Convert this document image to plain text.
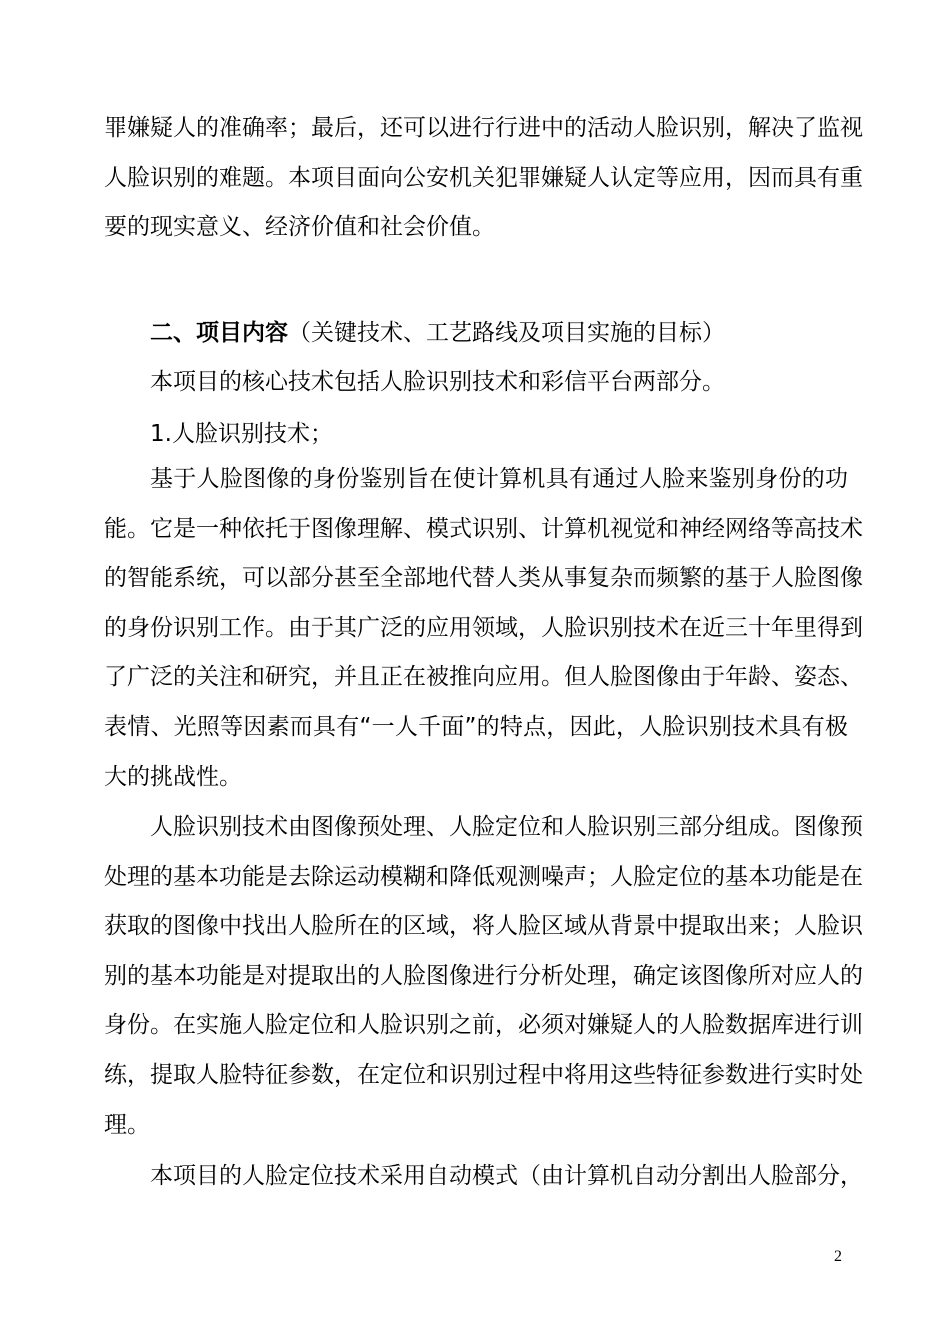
罪嫌疑人的准确率；最后，还可以进行行进中的活动人脸识别，解决了监视
人脸识别的难题。本项目面向公安机关犯罪嫌疑人认定等应用，因而具有重
要的现实意义、经济价值和社会价值。
二、项目内容（关键技术、工艺路线及项目实施的目标）
本项目的核心技术包括人脸识别技术和彩信平台两部分。
1.人脸识别技术；
基于人脸图像的身份鉴别旨在使计算机具有通过人脸来鉴别身份的功
能。它是一种依托于图像理解、模式识别、计算机视觉和神经网络等高技术
的智能系统，可以部分甚至全部地代替人类从事复杂而频繁的基于人脸图像
的身份识别工作。由于其广泛的应用领域，人脸识别技术在近三十年里得到
了广泛的关注和研究，并且正在被推向应用。但人脸图像由于年龄、姿态、
表情、光照等因素而具有“一人千面”的特点，因此，人脸识别技术具有极
大的挑战性。
人脸识别技术由图像预处理、人脸定位和人脸识别三部分组成。图像预
处理的基本功能是去除运动模糊和降低观测噪声；人脸定位的基本功能是在
获取的图像中找出人脸所在的区域，将人脸区域从背景中提取出来；人脸识
别的基本功能是对提取出的人脸图像进行分析处理，确定该图像所对应人的
身份。在实施人脸定位和人脸识别之前，必须对嫌疑人的人脸数据库进行训
练，提取人脸特征参数，在定位和识别过程中将用这些特征参数进行实时处
理。
本项目的人脸定位技术采用自动模式（由计算机自动分割出人脸部分，
2
